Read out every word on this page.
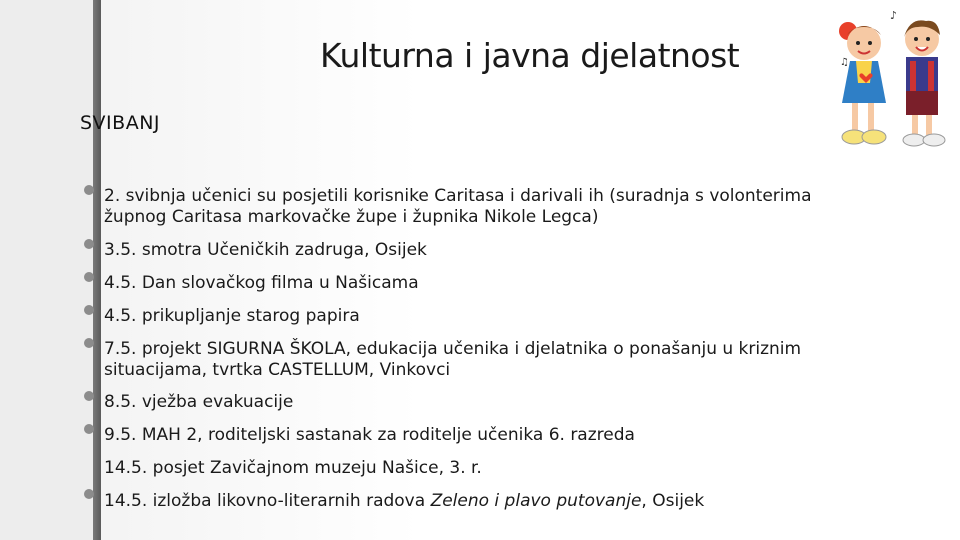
Kulturna i javna djelatnost
SVIBANJ
2. svibnja učenici su posjetili korisnike Caritasa i darivali ih (suradnja s volonterima župnog Caritasa markovačke župe i župnika Nikole Legca)
3.5. smotra Učeničkih zadruga, Osijek
4.5. Dan slovačkog filma u Našicama
4.5. prikupljanje starog papira
7.5. projekt SIGURNA ŠKOLA, edukacija učenika i djelatnika o ponašanju u kriznim situacijama, tvrtka CASTELLUM, Vinkovci
8.5. vježba evakuacije
9.5. MAH 2, roditeljski sastanak za roditelje učenika 6. razreda
14.5. posjet Zavičajnom muzeju Našice, 3. r.
14.5. izložba likovno-literarnih radova Zeleno i plavo putovanje, Osijek
♪
♫
